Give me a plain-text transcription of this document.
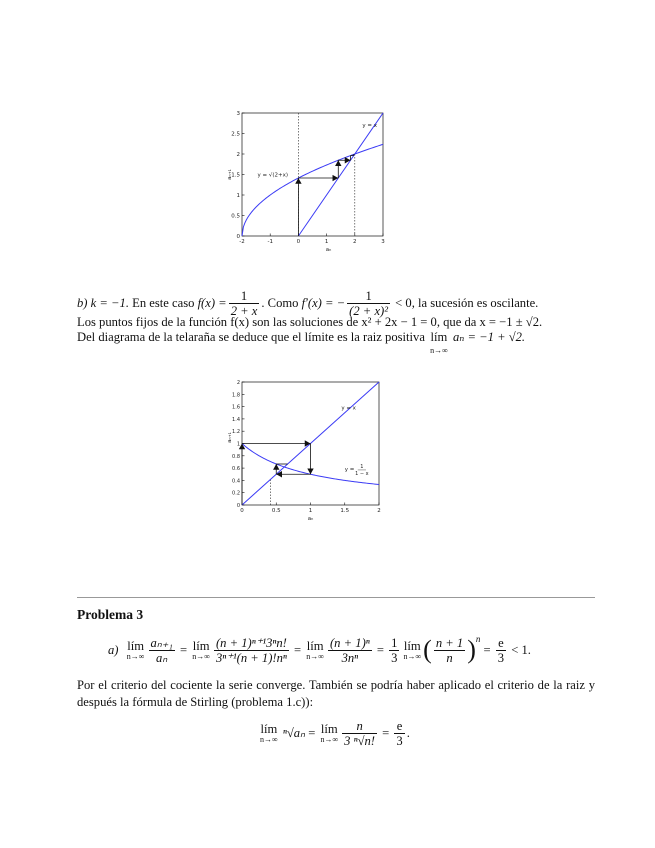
-2	-1	0	1	2	3
0
0.5
1
1.5
2
2.5
3
aₙ
aₙ₊₁
y = x
y = √(2+x)
b)
k = −1.
En este caso
$f(x) = \frac{1}{2 + x}$ . Como
f′(x) = − $\frac{1}{\text{(2 + x)²}}$
< 0, la sucesión es oscilante.
Los puntos fijos de la función f(x) son las soluciones de x² + 2x − 1 = 0, que da x = −1 ± √2.
Del diagrama de la telaraña se deduce que el límite es la raiz positiva
lím
n→∞

aₙ = −1 + √2.
0	0.5	1	1.5	2
0
0.2
0.4
0.6
0.8
1
1.2
1.4
1.6
1.8
2
aₙ
aₙ₊₁
y = x
y =
1
1 − x
Problema 3
a)
lím
$n\to\infty \frac{\text{aₙ₊₁}}{\text{aₙ}}$ = lím
$n\to\infty \frac{\text{(n + 1)ⁿ⁺¹3ⁿn!}}{\text{3ⁿ⁺¹(n + 1)!nⁿ}}$ = lím
$n\to\infty \frac{\text{(n + 1)ⁿ}}{\text{3nⁿ}} = \frac{1}{3}$ lím
n→∞ ( $\frac{n + 1}{n}$ ) n
= $\frac{e}{3}$
< 1.
Por el criterio del cociente la serie converge. También se podría haber aplicado el criterio de la raiz y después la fórmula de Stirling (problema 1.c)):
lím
n→∞
ⁿ√aₙ = lím
$n\to\infty \frac{n}{\text{3 ⁿ√n!}} = \frac{e}{3}$ .
